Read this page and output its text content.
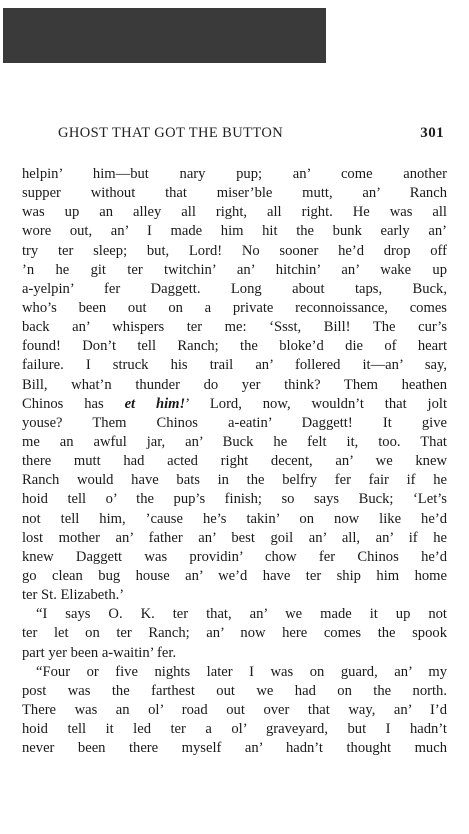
GHOST THAT GOT THE BUTTON	301
helpin’ him—but nary pup; an’ come another
supper without that miser’ble mutt, an’ Ranch
was up an alley all right, all right. He was all
wore out, an’ I made him hit the bunk early an’
try ter sleep; but, Lord! No sooner he’d drop off
’n he git ter twitchin’ an’ hitchin’ an’ wake up
a-yelpin’ fer Daggett. Long about taps, Buck,
who’s been out on a private reconnoissance, comes
back an’ whispers ter me: ‘Ssst, Bill! The cur’s
found! Don’t tell Ranch; the bloke’d die of heart
failure. I struck his trail an’ follered it—an’ say,
Bill, what’n thunder do yer think? Them heathen
Chinos has et him!’ Lord, now, wouldn’t that jolt
youse? Them Chinos a-eatin’ Daggett! It give
me an awful jar, an’ Buck he felt it, too. That
there mutt had acted right decent, an’ we knew
Ranch would have bats in the belfry fer fair if he
hoid tell o’ the pup’s finish; so says Buck; ‘Let’s
not tell him, ’cause he’s takin’ on now like he’d
lost mother an’ father an’ best goil an’ all, an’ if he
knew Daggett was providin’ chow fer Chinos he’d
go clean bug house an’ we’d have ter ship him home
ter St. Elizabeth.’
“I says O. K. ter that, an’ we made it up not
ter let on ter Ranch; an’ now here comes the spook
part yer been a-waitin’ fer.
“Four or five nights later I was on guard, an’ my
post was the farthest out we had on the north.
There was an ol’ road out over that way, an’ I’d
hoid tell it led ter a ol’ graveyard, but I hadn’t
never been there myself an’ hadn’t thought much
